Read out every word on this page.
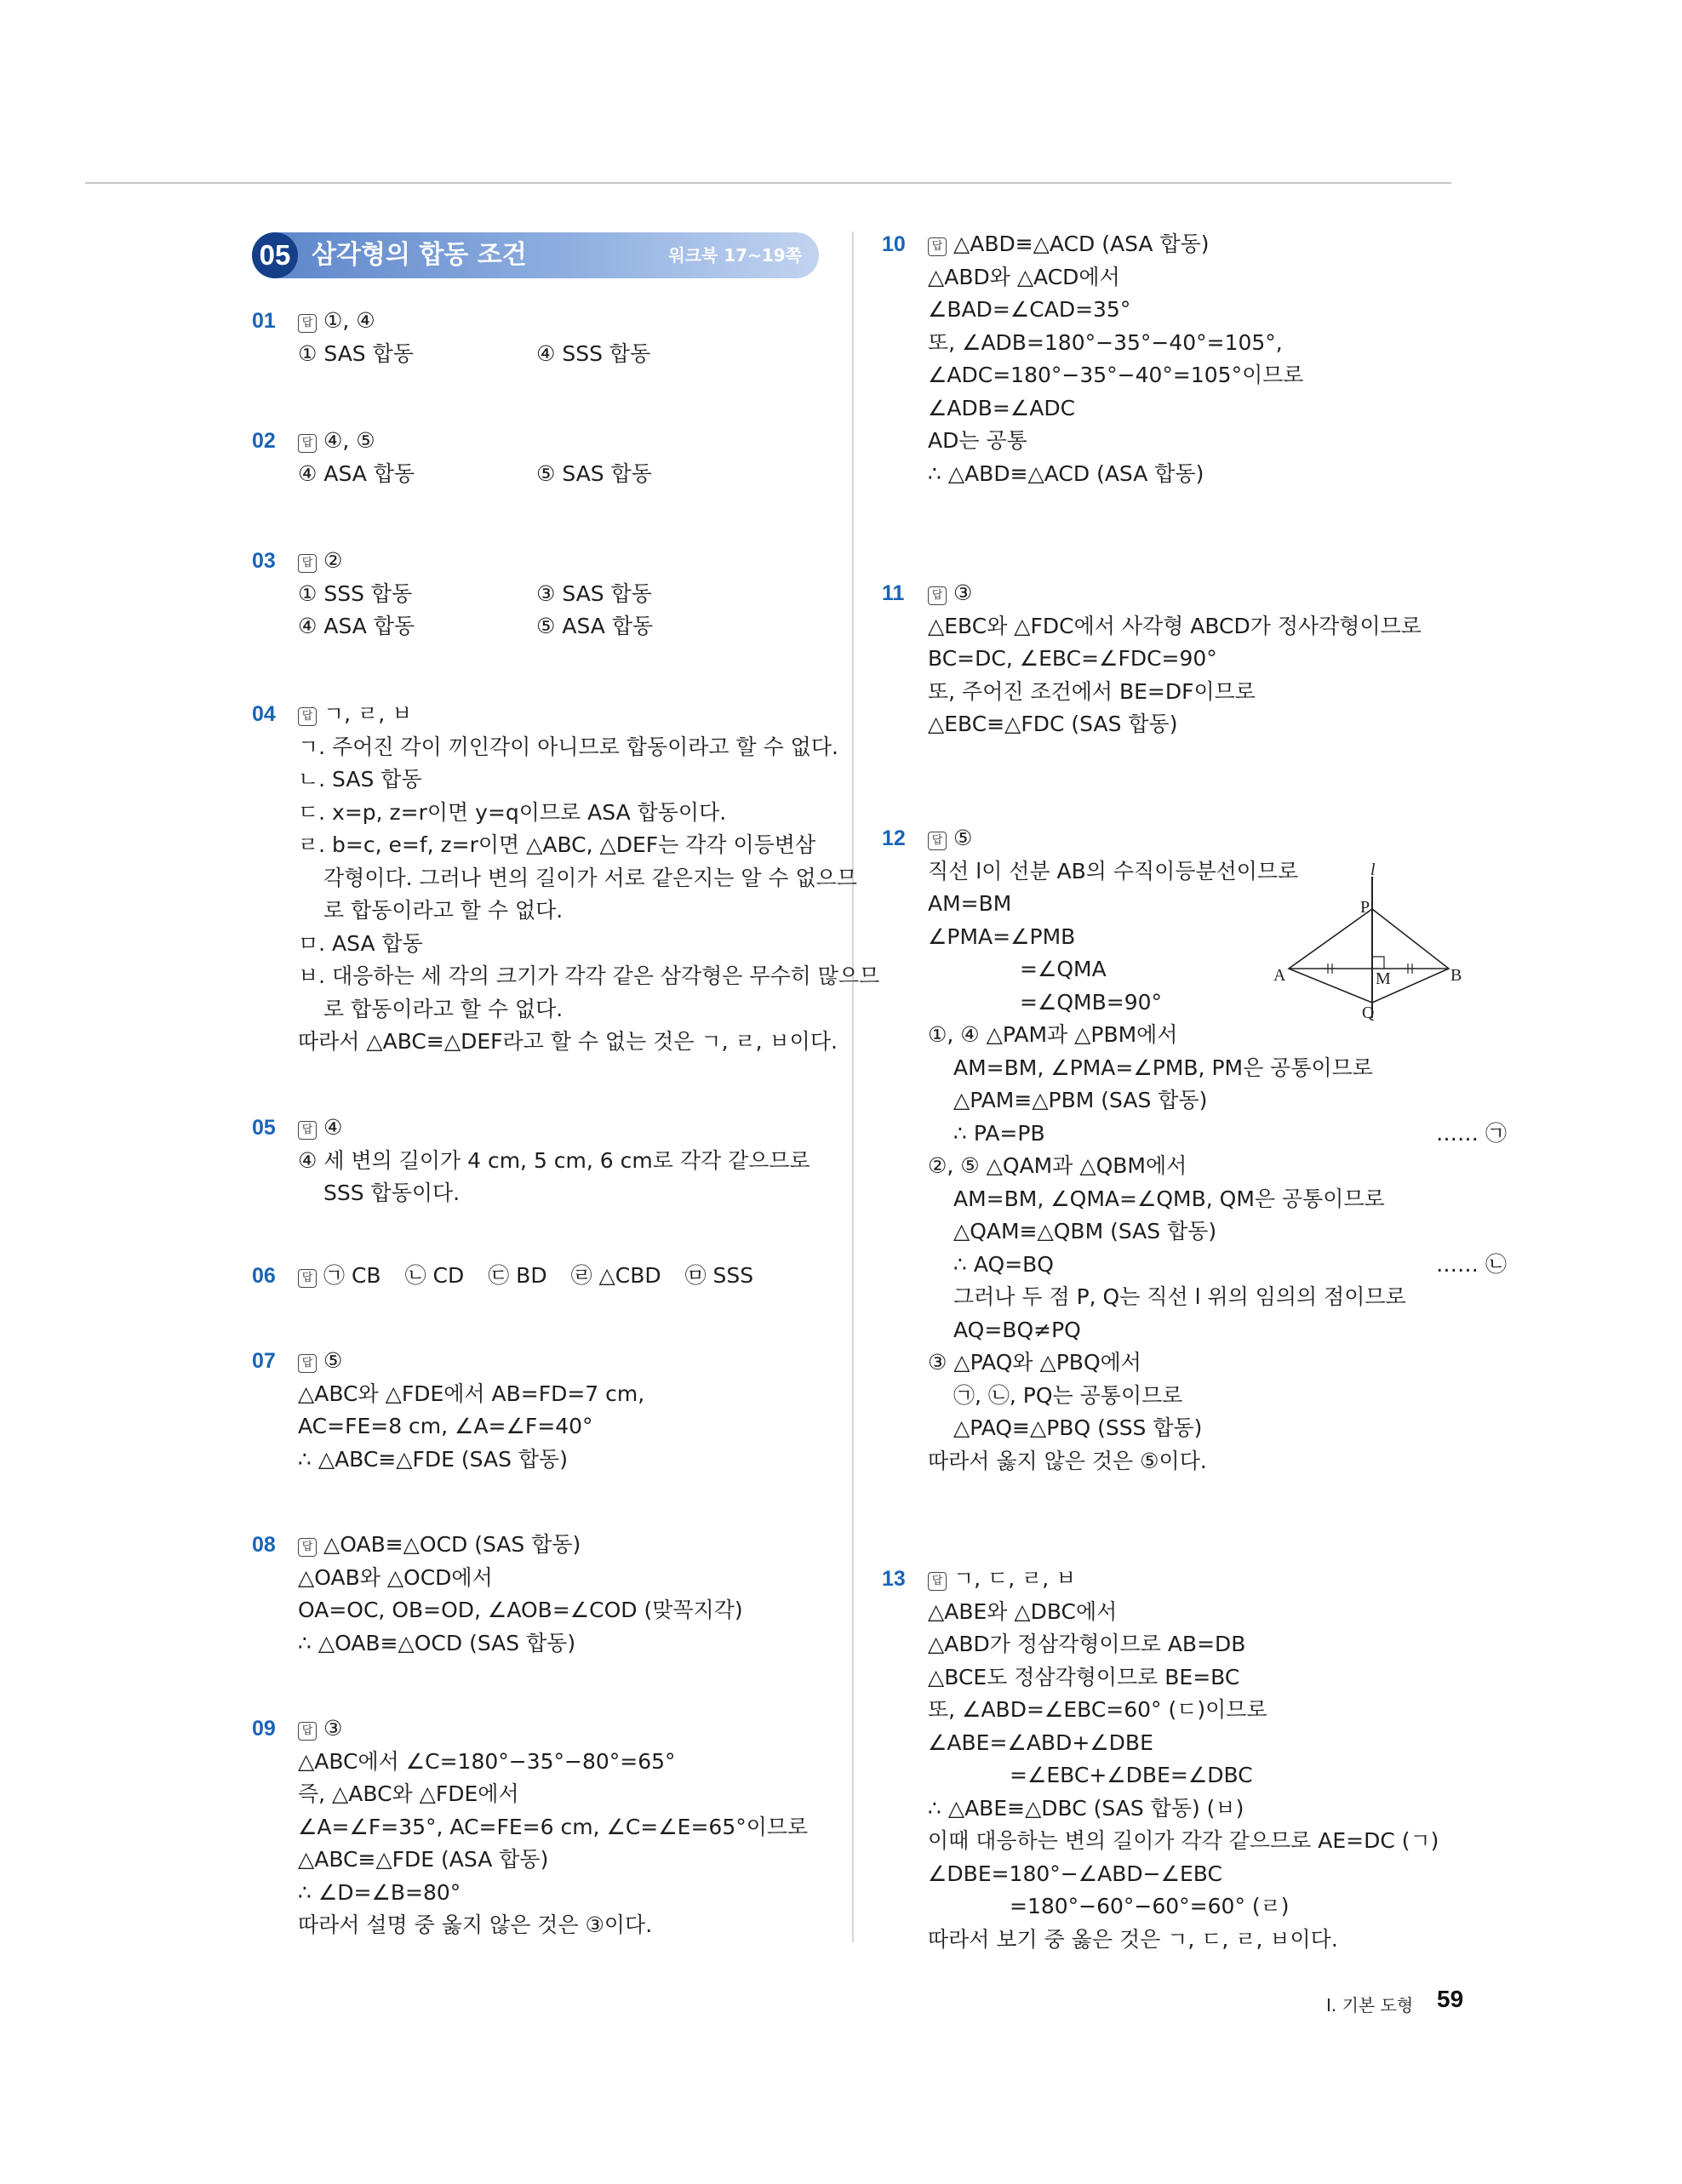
05 삼각형의 합동 조건	워크북 17~19쪽
01	답 ①, ④
① SAS 합동	④ SSS 합동
02	답 ④, ⑤
④ ASA 합동	⑤ SAS 합동
03	답 ②
① SSS 합동	③ SAS 합동
④ ASA 합동	⑤ ASA 합동
04	답 ㄱ, ㄹ, ㅂ
ㄱ. 주어진 각이 끼인각이 아니므로 합동이라고 할 수 없다.
ㄴ. SAS 합동
ㄷ. x=p, z=r이면 y=q이므로 ASA 합동이다.
ㄹ. b=c, e=f, z=r이면 △ABC, △DEF는 각각 이등변삼
각형이다. 그러나 변의 길이가 서로 같은지는 알 수 없으므
로 합동이라고 할 수 없다.
ㅁ. ASA 합동
ㅂ. 대응하는 세 각의 크기가 각각 같은 삼각형은 무수히 많으므
로 합동이라고 할 수 없다.
따라서 △ABC≡△DEF라고 할 수 없는 것은 ㄱ, ㄹ, ㅂ이다.
05	답 ④
④ 세 변의 길이가 4 cm, 5 cm, 6 cm로 각각 같으므로
SSS 합동이다.
06	답 ㉠ CB ㉡ CD ㉢ BD ㉣ △CBD ㉤ SSS
07	답 ⑤
△ABC와 △FDE에서 AB=FD=7 cm,
AC=FE=8 cm, ∠A=∠F=40°
∴ △ABC≡△FDE (SAS 합동)
08	답 △OAB≡△OCD (SAS 합동)
△OAB와 △OCD에서
OA=OC, OB=OD, ∠AOB=∠COD (맞꼭지각)
∴ △OAB≡△OCD (SAS 합동)
09	답 ③
△ABC에서 ∠C=180°−35°−80°=65°
즉, △ABC와 △FDE에서
∠A=∠F=35°, AC=FE=6 cm, ∠C=∠E=65°이므로
△ABC≡△FDE (ASA 합동)
∴ ∠D=∠B=80°
따라서 설명 중 옳지 않은 것은 ③이다.
10	답 △ABD≡△ACD (ASA 합동)
△ABD와 △ACD에서
∠BAD=∠CAD=35°
또, ∠ADB=180°−35°−40°=105°,
∠ADC=180°−35°−40°=105°이므로
∠ADB=∠ADC
AD는 공통
∴ △ABD≡△ACD (ASA 합동)
11	답 ③
△EBC와 △FDC에서 사각형 ABCD가 정사각형이므로
BC=DC, ∠EBC=∠FDC=90°
또, 주어진 조건에서 BE=DF이므로
△EBC≡△FDC (SAS 합동)
12	답 ⑤
직선 l이 선분 AB의 수직이등분선이므로
AM=BM
∠PMA=∠PMB
=∠QMA
=∠QMB=90°
①, ④ △PAM과 △PBM에서
AM=BM, ∠PMA=∠PMB, PM은 공통이므로
△PAM≡△PBM (SAS 합동)
∴ PA=PB	…… ㉠
②, ⑤ △QAM과 △QBM에서
AM=BM, ∠QMA=∠QMB, QM은 공통이므로
△QAM≡△QBM (SAS 합동)
∴ AQ=BQ	…… ㉡
그러나 두 점 P, Q는 직선 l 위의 임의의 점이므로
AQ=BQ≠PQ
③ △PAQ와 △PBQ에서
㉠, ㉡, PQ는 공통이므로
△PAQ≡△PBQ (SSS 합동)
따라서 옳지 않은 것은 ⑤이다.
l
P
Q
A	B
M
13	답 ㄱ, ㄷ, ㄹ, ㅂ
△ABE와 △DBC에서
△ABD가 정삼각형이므로 AB=DB
△BCE도 정삼각형이므로 BE=BC
또, ∠ABD=∠EBC=60° (ㄷ)이므로
∠ABE=∠ABD+∠DBE
=∠EBC+∠DBE=∠DBC
∴ △ABE≡△DBC (SAS 합동) (ㅂ)
이때 대응하는 변의 길이가 각각 같으므로 AE=DC (ㄱ)
∠DBE=180°−∠ABD−∠EBC
=180°−60°−60°=60° (ㄹ)
따라서 보기 중 옳은 것은 ㄱ, ㄷ, ㄹ, ㅂ이다.
I. 기본 도형 59
